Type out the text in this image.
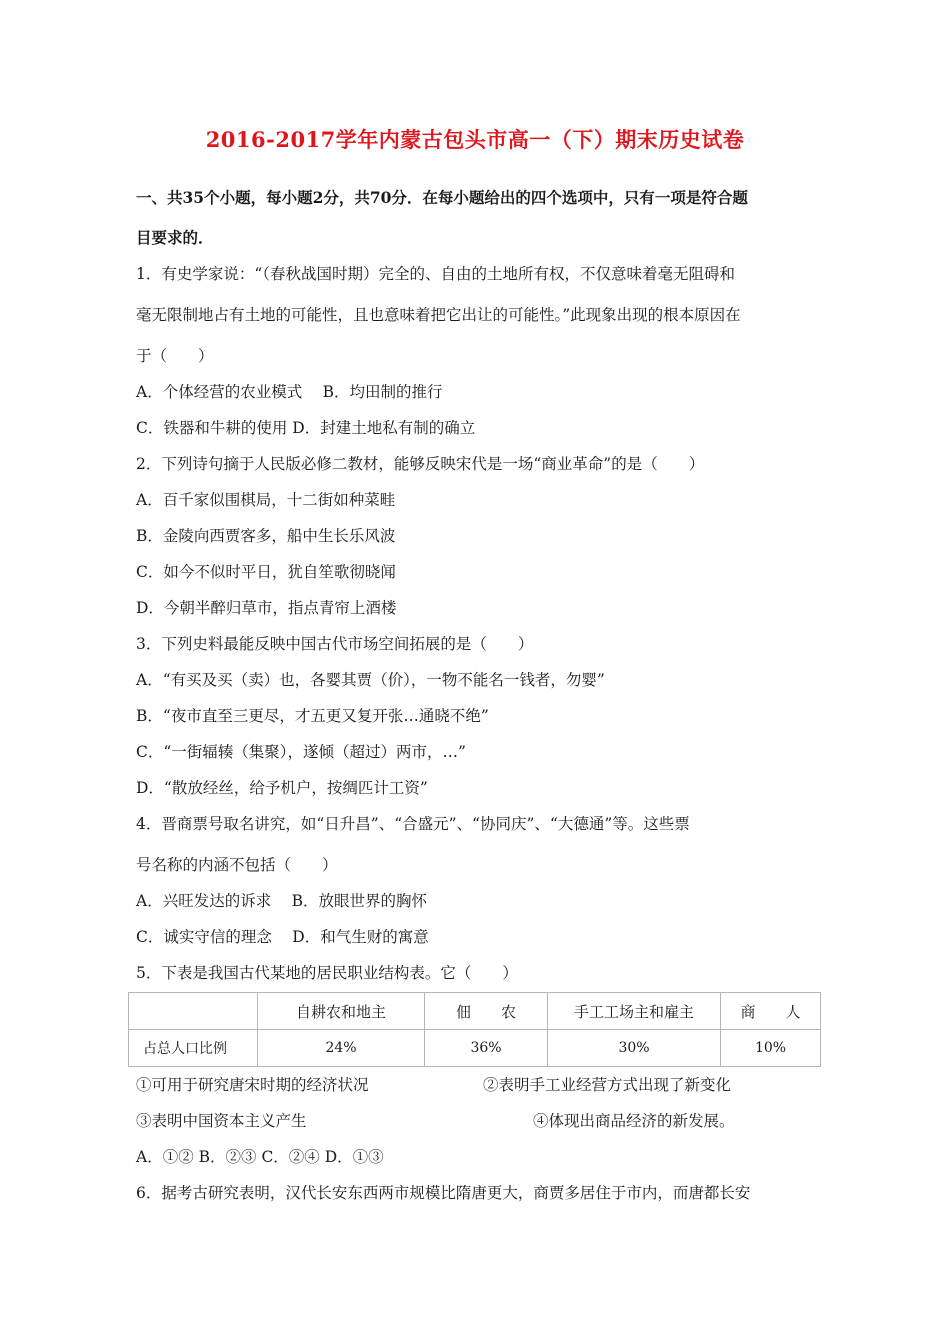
2016-2017学年内蒙古包头市高一（下）期末历史试卷
一、共35个小题，每小题2分，共70分．在每小题给出的四个选项中，只有一项是符合题
目要求的．
1．有史学家说：“（春秋战国时期）完全的、自由的土地所有权，不仅意味着毫无阻碍和
毫无限制地占有土地的可能性，且也意味着把它出让的可能性。”此现象出现的根本原因在
于（　　）
A．个体经营的农业模式　 B．均田制的推行
C．铁器和牛耕的使用 D．封建土地私有制的确立
2．下列诗句摘于人民版必修二教材，能够反映宋代是一场“商业革命”的是（　　）
A．百千家似围棋局，十二街如种菜畦
B．金陵向西贾客多，船中生长乐风波
C．如今不似时平日，犹自笙歌彻晓闻
D．今朝半醉归草市，指点青帘上酒楼
3．下列史料最能反映中国古代市场空间拓展的是（　　）
A．“有买及买（卖）也，各婴其贾（价），一物不能名一钱者，勿婴”
B．“夜市直至三更尽，才五更又复开张…通晓不绝”
C．“一街辐辏（集聚），遂倾（超过）两市，…”
D．“散放经丝，给予机户，按绸匹计工资”
4．晋商票号取名讲究，如“日升昌”、“合盛元”、“协同庆”、“大德通”等。这些票
号名称的内涵不包括（　　）
A．兴旺发达的诉求　 B．放眼世界的胸怀
C．诚实守信的理念　 D．和气生财的寓意
5．下表是我国古代某地的居民职业结构表。它（　　）
	自耕农和地主	佃　　农	手工工场主和雇主	商　　人
占总人口比例	24%	36%	30%	10%
①可用于研究唐宋时期的经济状况	②表明手工业经营方式出现了新变化
③表明中国资本主义产生	④体现出商品经济的新发展。
A．①② B．②③ C．②④ D．①③
6．据考古研究表明，汉代长安东西两市规模比隋唐更大，商贾多居住于市内，而唐都长安
